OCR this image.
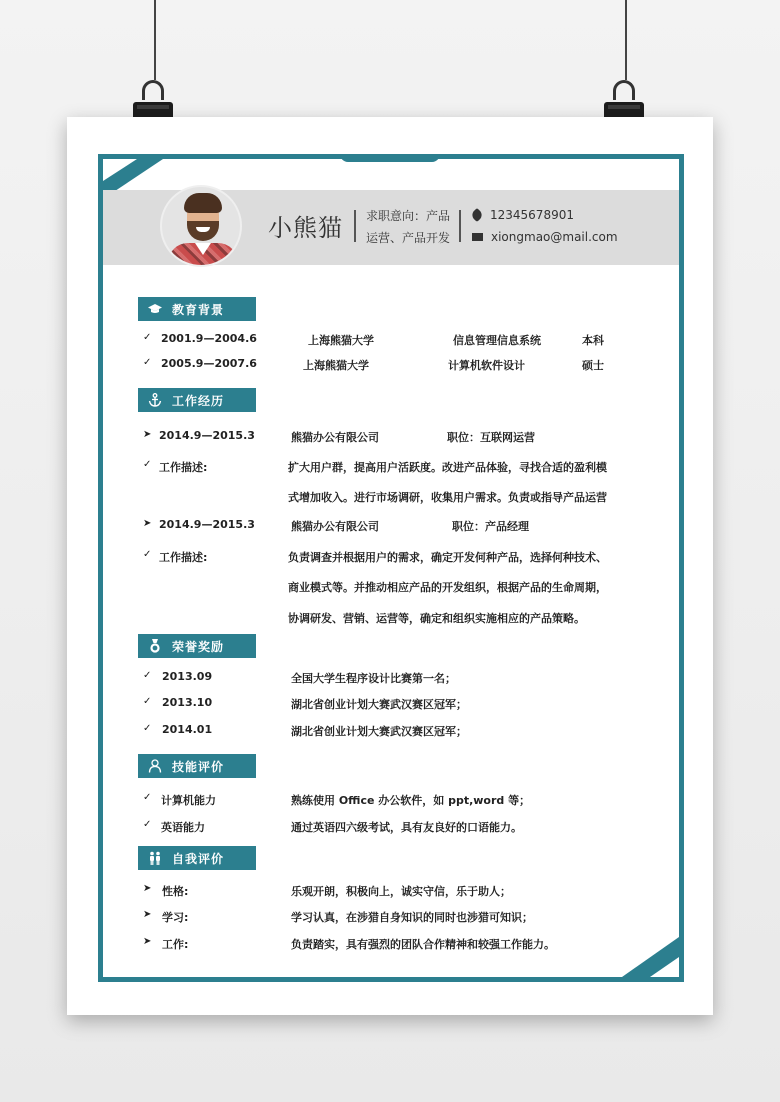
小熊猫 求职意向：产品
运营、产品开发
12345678901
xiongmao@mail.com
教育背景
✓ 2001.9—2004.6	上海熊猫大学	信息管理信息系统	本科
✓ 2005.9—2007.6	上海熊猫大学	计算机软件设计	硕士
工作经历
➤ 2014.9—2015.3	熊猫办公有限公司	职位：互联网运营
✓ 工作描述:	扩大用户群，提高用户活跃度。改进产品体验，寻找合适的盈利模
式增加收入。进行市场调研，收集用户需求。负责或指导产品运营
➤ 2014.9—2015.3	熊猫办公有限公司	职位：产品经理
✓ 工作描述:	负责调查并根据用户的需求，确定开发何种产品，选择何种技术、
商业模式等。并推动相应产品的开发组织，根据产品的生命周期，
协调研发、营销、运营等，确定和组织实施相应的产品策略。
荣誉奖励
✓ 2013.09	全国大学生程序设计比赛第一名；
✓ 2013.10	湖北省创业计划大赛武汉赛区冠军；
✓ 2014.01	湖北省创业计划大赛武汉赛区冠军；
技能评价
✓ 计算机能力	熟练使用 Office 办公软件，如 ppt,word 等；
✓ 英语能力	通过英语四六级考试，具有友良好的口语能力。
自我评价
➤ 性格:	乐观开朗，积极向上，诚实守信，乐于助人；
➤ 学习:	学习认真，在涉猎自身知识的同时也涉猎可知识；
➤ 工作:	负责踏实，具有强烈的团队合作精神和较强工作能力。
